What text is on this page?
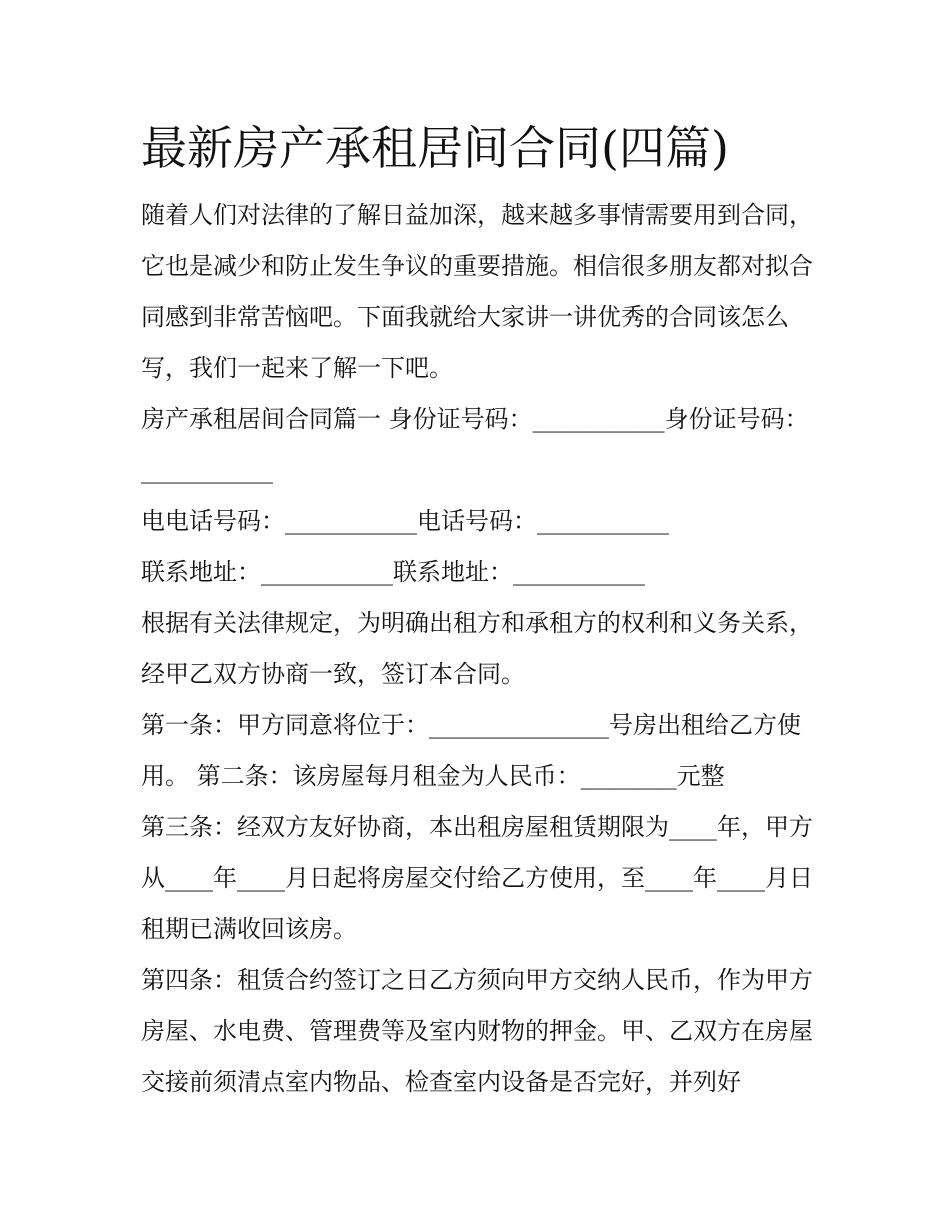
最新房产承租居间合同(四篇)

随着人们对法律的了解日益加深，越来越多事情需要用到合同，它也是减少和防止发生争议的重要措施。相信很多朋友都对拟合同感到非常苦恼吧。下面我就给大家讲一讲优秀的合同该怎么写，我们一起来了解一下吧。

房产承租居间合同篇一 身份证号码：___________身份证号码：___________

电电话号码：___________电话号码：___________

联系地址：___________联系地址：___________

根据有关法律规定，为明确出租方和承租方的权利和义务关系，经甲乙双方协商一致，签订本合同。

第一条：甲方同意将位于：_______________号房出租给乙方使用。 第二条：该房屋每月租金为人民币：________元整

第三条：经双方友好协商，本出租房屋租赁期限为____年，甲方从____年____月日起将房屋交付给乙方使用，至____年____月日租期已满收回该房。

第四条：租赁合约签订之日乙方须向甲方交纳人民币，作为甲方房屋、水电费、管理费等及室内财物的押金。甲、乙双方在房屋交接前须清点室内物品、检查室内设备是否完好，并列好
